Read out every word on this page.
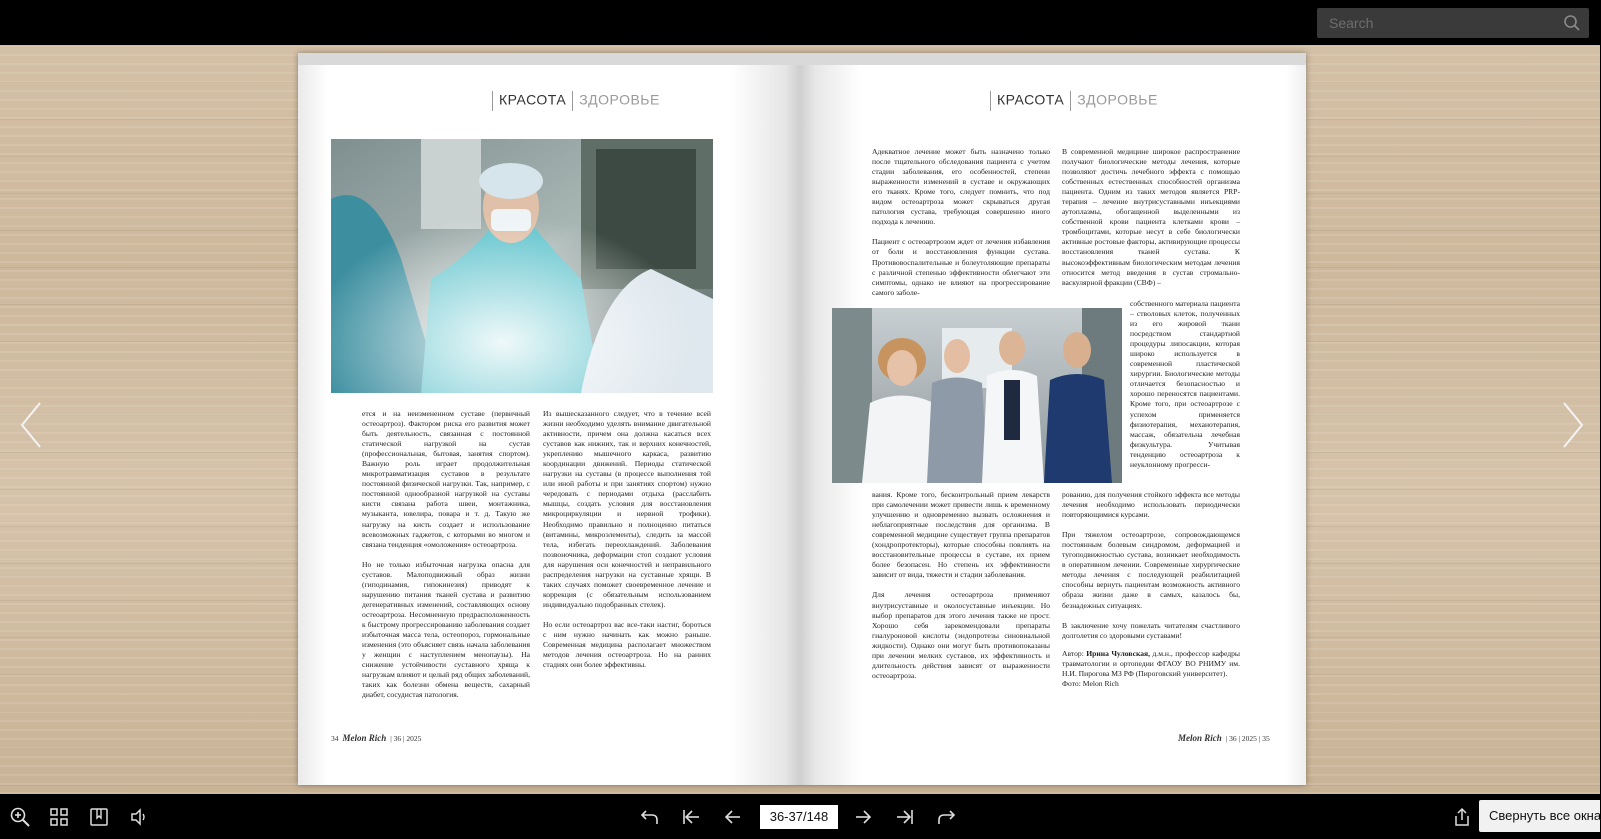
Search
КРАСОТА ЗДОРОВЬЕ

ется и на неизмененном суставе (первичный остеоартроз). Фактором риска его развития может быть деятельность, связанная с постоянной статической нагрузкой на сустав (профессиональная, бытовая, занятия спортом). Важную роль играет продолжительная микротравматизация суставов в результате постоянной физической нагрузки. Так, например, с постоянной однообразной нагрузкой на суставы кисти связана работа швеи, монтажника, музыканта, ювелира, повара и т. д. Такую же нагрузку на кисть создает и использование всевозможных гаджетов, с которыми во многом и связана тенденция «омоложения» остеоартроза.

Но не только избыточная нагрузка опасна для суставов. Малоподвижный образ жизни (гиподинамия, гипокинезия) приводят к нарушению питания тканей сустава и развитию дегенеративных изменений, составляющих основу остеоартроза. Несомненную предрасположенность к быстрому прогрессированию заболевания создает избыточная масса тела, остеопороз, гормональные изменения (это объясняет связь начала заболевания у женщин с наступлением менопаузы). На снижение устойчивости суставного хряща к нагрузкам влияют и целый ряд общих заболеваний, таких как болезни обмена веществ, сахарный диабет, сосудистая патология.

Из вышесказанного следует, что в течение всей жизни необходимо уделять внимание двигательной активности, причем она должна касаться всех суставов как нижних, так и верхних конечностей, укреплению мышечного каркаса, развитию координации движений. Периоды статической нагрузки на суставы (в процессе выполнения той или иной работы и при занятиях спортом) нужно чередовать с периодами отдыха (расслабить мышцы, создать условия для восстановления микроциркуляции и нервной трофики). Необходимо правильно и полноценно питаться (витамины, микроэлементы), следить за массой тела, избегать переохлаждений. Заболевания позвоночника, деформации стоп создают условия для нарушения оси конечностей и неправильного распределения нагрузки на суставные хрящи. В таких случаях поможет своевременное лечение и коррекция (с обязательным использованием индивидуально подобранных стелек).

Но если остеоартроз вас все-таки настиг, бороться с ним нужно начинать как можно раньше. Современная медицина располагает множеством методов лечения остеоартроза. Но на ранних стадиях они более эффективны.

34 Melon Rich | 36 | 2025
КРАСОТА ЗДОРОВЬЕ

Адекватное лечение может быть назначено только после тщательного обследования пациента с учетом стадии заболевания, его особенностей, степени выраженности изменений в суставе и окружающих его тканях. Кроме того, следует помнить, что под видом остеоартроза может скрываться другая патология сустава, требующая совершенно иного подхода к лечению.

Пациент с остеоартрозом ждет от лечения избавления от боли и восстановления функции сустава. Противовоспалительные и болеутоляющие препараты с различной степенью эффективности облегчают эти симптомы, однако не влияют на прогрессирование самого заболе-

В современной медицине широкое распространение получают биологические методы лечения, которые позволяют достичь лечебного эффекта с помощью собственных естественных способностей организма пациента. Одним из таких методов является PRP-терапия – лечение внутрисуставными инъекциями аутоплазмы, обогащенной выделенными из собственной крови пациента клетками крови – тромбоцитами, которые несут в себе биологически активные ростовые факторы, активирующие процессы восстановления тканей сустава. К высокоэффективным биологическим методам лечения относится метод введения в сустав стромально-васкулярной фракции (СВФ) –

собственного материала пациента – стволовых клеток, полученных из его жировой ткани посредством стандартной процедуры липосакции, которая широко используется в современной пластической хирургии. Биологические методы отличается безопасностью и хорошо переносятся пациентами. Кроме того, при остеоартрозе с успехом применяется физиотерапия, механотерапия, массаж, обязательна лечебная физкультура. Учитывая тенденцию остеоартроза к неуклонному прогресси-

вания. Кроме того, бесконтрольный прием лекарств при самолечении может привести лишь к временному улучшению и одновременно вызвать осложнения и неблагоприятные последствия для организма. В современной медицине существует группа препаратов (хондропротекторы), которые способны повлиять на восстановительные процессы в суставе, их прием более безопасен. Но степень их эффективности зависит от вида, тяжести и стадии заболевания.

Для лечения остеоартроза применяют внутрисуставные и околосуставные инъекции. Но выбор препаратов для этого лечения также не прост. Хорошо себя зарекомендовали препараты гиалуроновой кислоты (эндопротезы синовиальной жидкости). Однако они могут быть противопоказаны при лечении мелких суставов, их эффективность и длительность действия зависят от выраженности остеоартроза.

рованию, для получения стойкого эффекта все методы лечения необходимо использовать периодически повторяющимися курсами.

При тяжелом остеоартрозе, сопровождающемся постоянным болевым синдромом, деформацией и тугоподвижностью сустава, возникает необходимость в оперативном лечении. Современные хирургические методы лечения с последующей реабилитацией способны вернуть пациентам возможность активного образа жизни даже в самых, казалось бы, безнадежных ситуациях.

В заключение хочу пожелать читателям счастливого долголетия со здоровыми суставами!

Автор: Ирина Чуловская, д.м.н., профессор кафедры травматологии и ортопедии ФГАОУ ВО РНИМУ им. Н.И. Пирогова МЗ РФ (Пироговский университет).
Фото: Melon Rich

Melon Rich | 36 | 2025 | 35
36-37/148	Свернуть все окна
